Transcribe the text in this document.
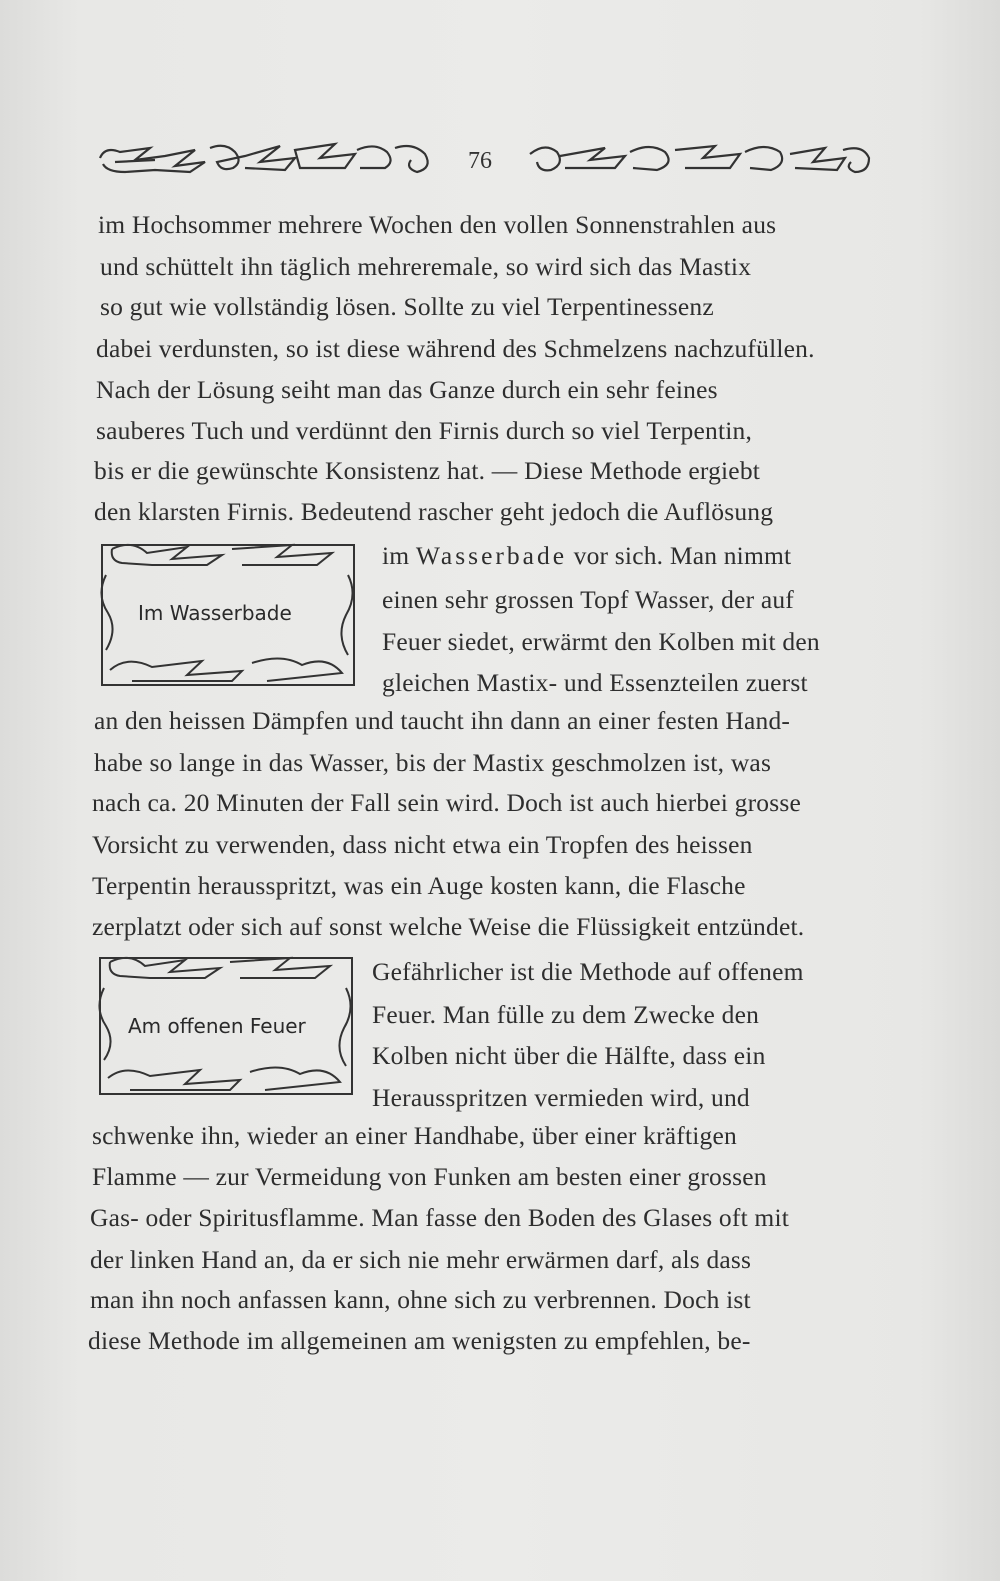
76
im Hochsommer mehrere Wochen den vollen Sonnenstrahlen aus
und schüttelt ihn täglich mehreremale, so wird sich das Mastix
so gut wie vollständig lösen. Sollte zu viel Terpentinessenz
dabei verdunsten, so ist diese während des Schmelzens nachzufüllen.
Nach der Lösung seiht man das Ganze durch ein sehr feines
sauberes Tuch und verdünnt den Firnis durch so viel Terpentin,
bis er die gewünschte Konsistenz hat. — Diese Methode ergiebt
den klarsten Firnis. Bedeutend rascher geht jedoch die Auflösung
im Wasserbade vor sich. Man nimmt
einen sehr grossen Topf Wasser, der auf
Feuer siedet, erwärmt den Kolben mit den
gleichen Mastix- und Essenzteilen zuerst
an den heissen Dämpfen und taucht ihn dann an einer festen Hand-
habe so lange in das Wasser, bis der Mastix geschmolzen ist, was
nach ca. 20 Minuten der Fall sein wird. Doch ist auch hierbei grosse
Vorsicht zu verwenden, dass nicht etwa ein Tropfen des heissen
Terpentin herausspritzt, was ein Auge kosten kann, die Flasche
zerplatzt oder sich auf sonst welche Weise die Flüssigkeit entzündet.
Gefährlicher ist die Methode auf offenem
Feuer. Man fülle zu dem Zwecke den
Kolben nicht über die Hälfte, dass ein
Herausspritzen vermieden wird, und
schwenke ihn, wieder an einer Handhabe, über einer kräftigen
Flamme — zur Vermeidung von Funken am besten einer grossen
Gas- oder Spiritusflamme. Man fasse den Boden des Glases oft mit
der linken Hand an, da er sich nie mehr erwärmen darf, als dass
man ihn noch anfassen kann, ohne sich zu verbrennen. Doch ist
diese Methode im allgemeinen am wenigsten zu empfehlen, be-
Im Wasserbade
Am offenen Feuer
